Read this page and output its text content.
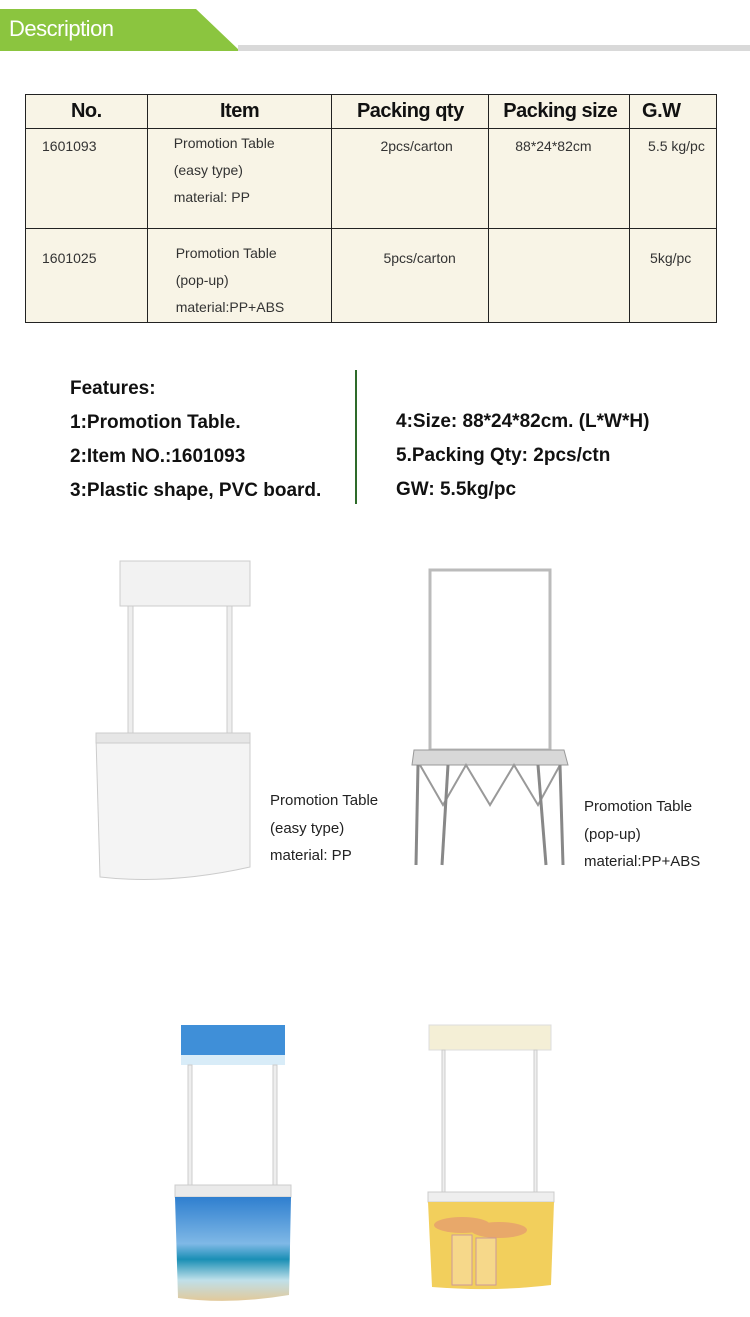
Description
No.	Item	Packing qty	Packing size	G.W
1601093	Promotion Table
(easy type)
material: PP	2pcs/carton	88*24*82cm	5.5 kg/pc
1601025	Promotion Table
(pop-up)
material:PP+ABS	5pcs/carton		5kg/pc
Features:
1:Promotion Table.
2:Item NO.:1601093
3:Plastic shape, PVC board.
4:Size: 88*24*82cm. (L*W*H)
5.Packing Qty: 2pcs/ctn
GW: 5.5kg/pc
Promotion Table
(easy type)
material: PP
Promotion Table
(pop-up)
material:PP+ABS
